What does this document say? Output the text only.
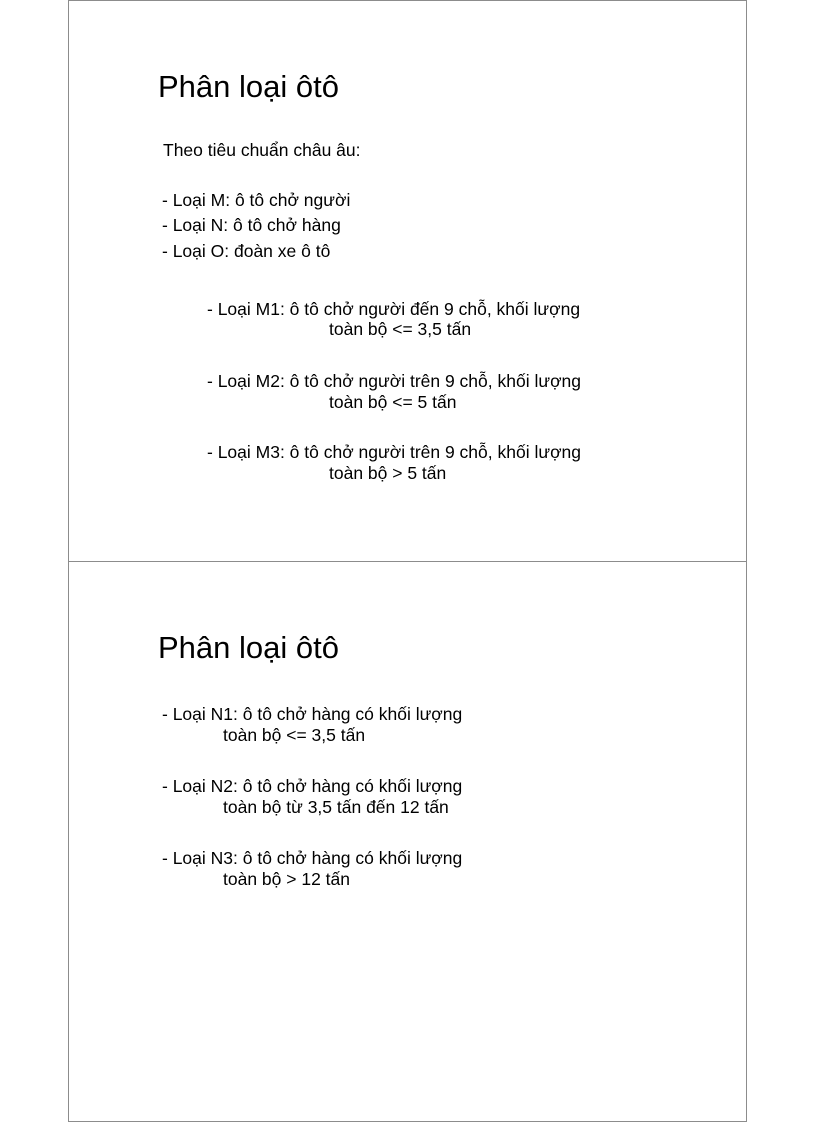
Phân loại ôtô
Theo tiêu chuẩn châu âu:
- Loại M: ô tô chở người
- Loại N: ô tô chở hàng
- Loại O: đoàn xe ô tô
- Loại M1: ô tô chở người đến 9 chỗ, khối lượng
toàn bộ <= 3,5 tấn
- Loại M2: ô tô chở người trên 9 chỗ, khối lượng
toàn bộ <= 5 tấn
- Loại M3: ô tô chở người trên 9 chỗ, khối lượng
toàn bộ > 5 tấn
Phân loại ôtô
- Loại N1: ô tô chở hàng có khối lượng
toàn bộ <= 3,5 tấn
- Loại N2: ô tô chở hàng có khối lượng
toàn bộ từ 3,5 tấn đến 12 tấn
- Loại N3: ô tô chở hàng có khối lượng
toàn bộ > 12 tấn
